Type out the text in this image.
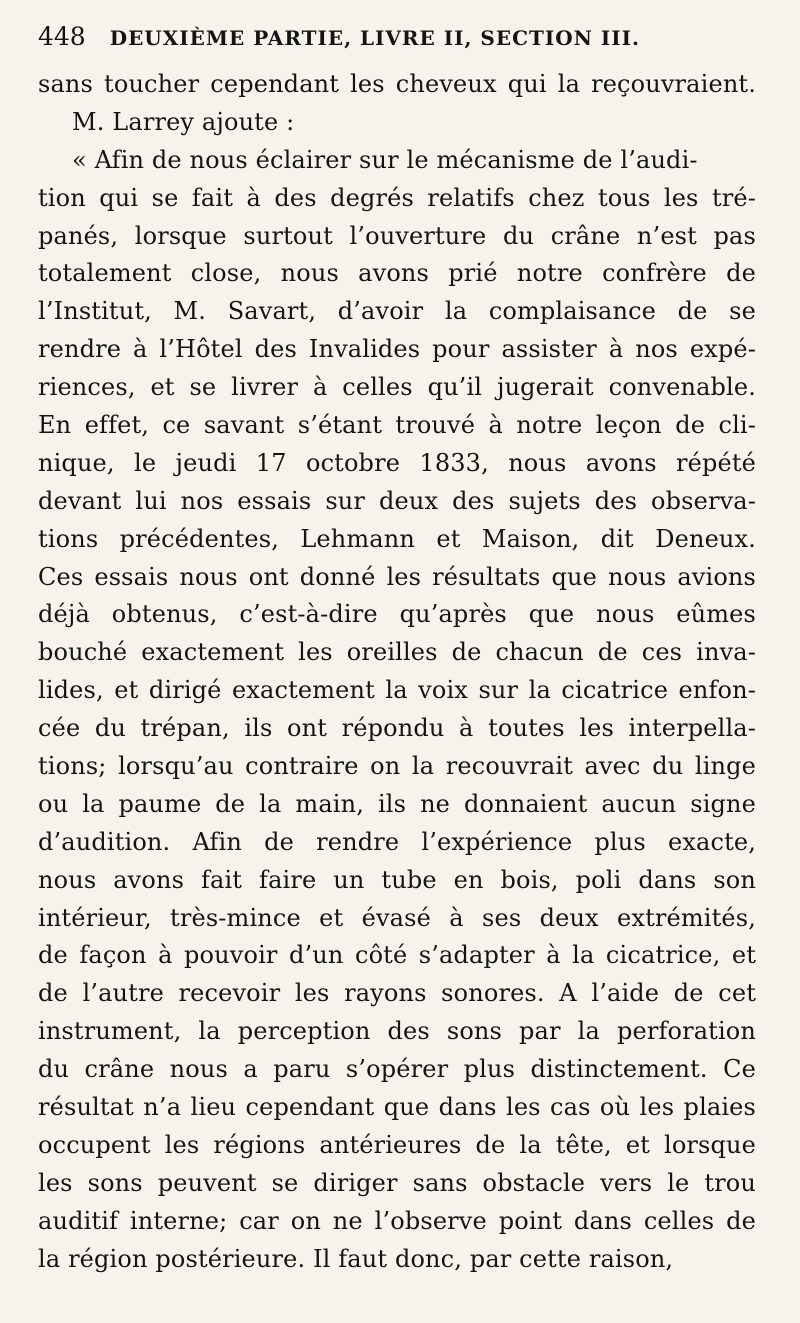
448 DEUXIÈME PARTIE, LIVRE II, SECTION III.
sans toucher cependant les cheveux qui la reçouvraient.
M. Larrey ajoute :
« Afin de nous éclairer sur le mécanisme de l’audi-
tion qui se fait à des degrés relatifs chez tous les tré-
panés, lorsque surtout l’ouverture du crâne n’est pas
totalement close, nous avons prié notre confrère de
l’Institut, M. Savart, d’avoir la complaisance de se
rendre à l’Hôtel des Invalides pour assister à nos expé-
riences, et se livrer à celles qu’il jugerait convenable.
En effet, ce savant s’étant trouvé à notre leçon de cli-
nique, le jeudi 17 octobre 1833, nous avons répété
devant lui nos essais sur deux des sujets des observa-
tions précédentes, Lehmann et Maison, dit Deneux.
Ces essais nous ont donné les résultats que nous avions
déjà obtenus, c’est-à-dire qu’après que nous eûmes
bouché exactement les oreilles de chacun de ces inva-
lides, et dirigé exactement la voix sur la cicatrice enfon-
cée du trépan, ils ont répondu à toutes les interpella-
tions; lorsqu’au contraire on la recouvrait avec du linge
ou la paume de la main, ils ne donnaient aucun signe
d’audition. Afin de rendre l’expérience plus exacte,
nous avons fait faire un tube en bois, poli dans son
intérieur, très-mince et évasé à ses deux extrémités,
de façon à pouvoir d’un côté s’adapter à la cicatrice, et
de l’autre recevoir les rayons sonores. A l’aide de cet
instrument, la perception des sons par la perforation
du crâne nous a paru s’opérer plus distinctement. Ce
résultat n’a lieu cependant que dans les cas où les plaies
occupent les régions antérieures de la tête, et lorsque
les sons peuvent se diriger sans obstacle vers le trou
auditif interne; car on ne l’observe point dans celles de
la région postérieure. Il faut donc, par cette raison,
